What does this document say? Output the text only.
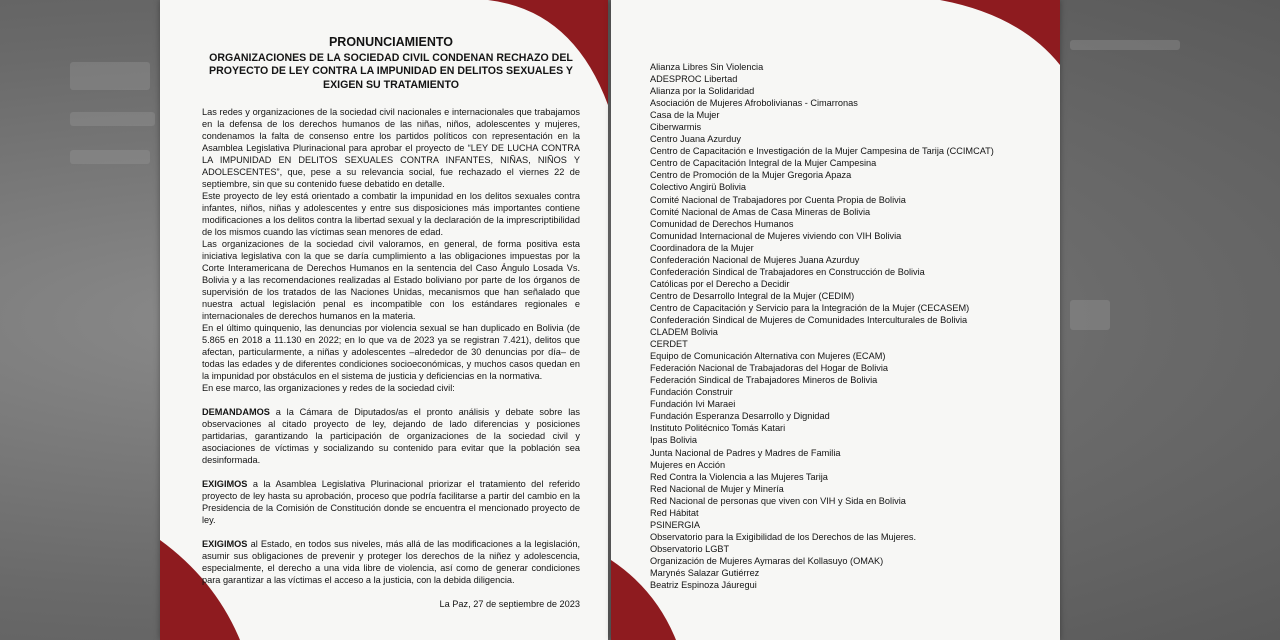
PRONUNCIAMIENTO
ORGANIZACIONES DE LA SOCIEDAD CIVIL CONDENAN RECHAZO DEL PROYECTO DE LEY CONTRA LA IMPUNIDAD EN DELITOS SEXUALES Y EXIGEN SU TRATAMIENTO

Las redes y organizaciones de la sociedad civil nacionales e internacionales que trabajamos en la defensa de los derechos humanos de las niñas, niños, adolescentes y mujeres, condenamos la falta de consenso entre los partidos políticos con representación en la Asamblea Legislativa Plurinacional para aprobar el proyecto de “LEY DE LUCHA CONTRA LA IMPUNIDAD EN DELITOS SEXUALES CONTRA INFANTES, NIÑAS, NIÑOS Y ADOLESCENTES”, que, pese a su relevancia social, fue rechazado el viernes 22 de septiembre, sin que su contenido fuese debatido en detalle.

Este proyecto de ley está orientado a combatir la impunidad en los delitos sexuales contra infantes, niños, niñas y adolescentes y entre sus disposiciones más importantes contiene modificaciones a los delitos contra la libertad sexual y la declaración de la imprescriptibilidad de los mismos cuando las víctimas sean menores de edad.

Las organizaciones de la sociedad civil valoramos, en general, de forma positiva esta iniciativa legislativa con la que se daría cumplimiento a las obligaciones impuestas por la Corte Interamericana de Derechos Humanos en la sentencia del Caso Ángulo Losada Vs. Bolivia y a las recomendaciones realizadas al Estado boliviano por parte de los órganos de supervisión de los tratados de las Naciones Unidas, mecanismos que han señalado que nuestra actual legislación penal es incompatible con los estándares regionales e internacionales de derechos humanos en la materia.

En el último quinquenio, las denuncias por violencia sexual se han duplicado en Bolivia (de 5.865 en 2018 a 11.130 en 2022; en lo que va de 2023 ya se registran 7.421), delitos que afectan, particularmente, a niñas y adolescentes –alrededor de 30 denuncias por día– de todas las edades y de diferentes condiciones socioeconómicas, y muchos casos quedan en la impunidad por obstáculos en el sistema de justicia y deficiencias en la normativa.

En ese marco, las organizaciones y redes de la sociedad civil:

DEMANDAMOS a la Cámara de Diputados/as el pronto análisis y debate sobre las observaciones al citado proyecto de ley, dejando de lado diferencias y posiciones partidarias, garantizando la participación de organizaciones de la sociedad civil y asociaciones de víctimas y socializando su contenido para evitar que la población sea desinformada.

EXIGIMOS a la Asamblea Legislativa Plurinacional priorizar el tratamiento del referido proyecto de ley hasta su aprobación, proceso que podría facilitarse a partir del cambio en la Presidencia de la Comisión de Constitución donde se encuentra el mencionado proyecto de ley.

EXIGIMOS al Estado, en todos sus niveles, más allá de las modificaciones a la legislación, asumir sus obligaciones de prevenir y proteger los derechos de la niñez y adolescencia, especialmente, el derecho a una vida libre de violencia, así como de generar condiciones para garantizar a las víctimas el acceso a la justicia, con la debida diligencia.

La Paz, 27 de septiembre de 2023
Alianza Libres Sin Violencia
ADESPROC Libertad
Alianza por la Solidaridad
Asociación de Mujeres Afrobolivianas - Cimarronas
Casa de la Mujer
Ciberwarmis
Centro Juana Azurduy
Centro de Capacitación e Investigación de la Mujer Campesina de Tarija (CCIMCAT)
Centro de Capacitación Integral de la Mujer Campesina
Centro de Promoción de la Mujer Gregoria Apaza
Colectivo Angirü Bolivia
Comité Nacional de Trabajadores por Cuenta Propia de Bolivia
Comité Nacional de Amas de Casa Mineras de Bolivia
Comunidad de Derechos Humanos
Comunidad Internacional de Mujeres viviendo con VIH Bolivia
Coordinadora de la Mujer
Confederación Nacional de Mujeres Juana Azurduy
Confederación Sindical de Trabajadores en Construcción de Bolivia
Católicas por el Derecho a Decidir
Centro de Desarrollo Integral de la Mujer (CEDIM)
Centro de Capacitación y Servicio para la Integración de la Mujer (CECASEM)
Confederación Sindical de Mujeres de Comunidades Interculturales de Bolivia
CLADEM Bolivia
CERDET
Equipo de Comunicación Alternativa con Mujeres (ECAM)
Federación Nacional de Trabajadoras del Hogar de Bolivia
Federación Sindical de Trabajadores Mineros de Bolivia
Fundación Construir
Fundación Ivi Maraei
Fundación Esperanza Desarrollo y Dignidad
Instituto Politécnico Tomás Katari
Ipas Bolivia
Junta Nacional de Padres y Madres de Familia
Mujeres en Acción
Red Contra la Violencia a las Mujeres Tarija
Red Nacional de Mujer y Minería
Red Nacional de personas que viven con VIH y Sida en Bolivia
Red Hábitat
PSINERGIA
Observatorio para la Exigibilidad de los Derechos de las Mujeres.
Observatorio LGBT
Organización de Mujeres Aymaras del Kollasuyo (OMAK)
Marynés Salazar Gutiérrez
Beatriz Espinoza Jáuregui
